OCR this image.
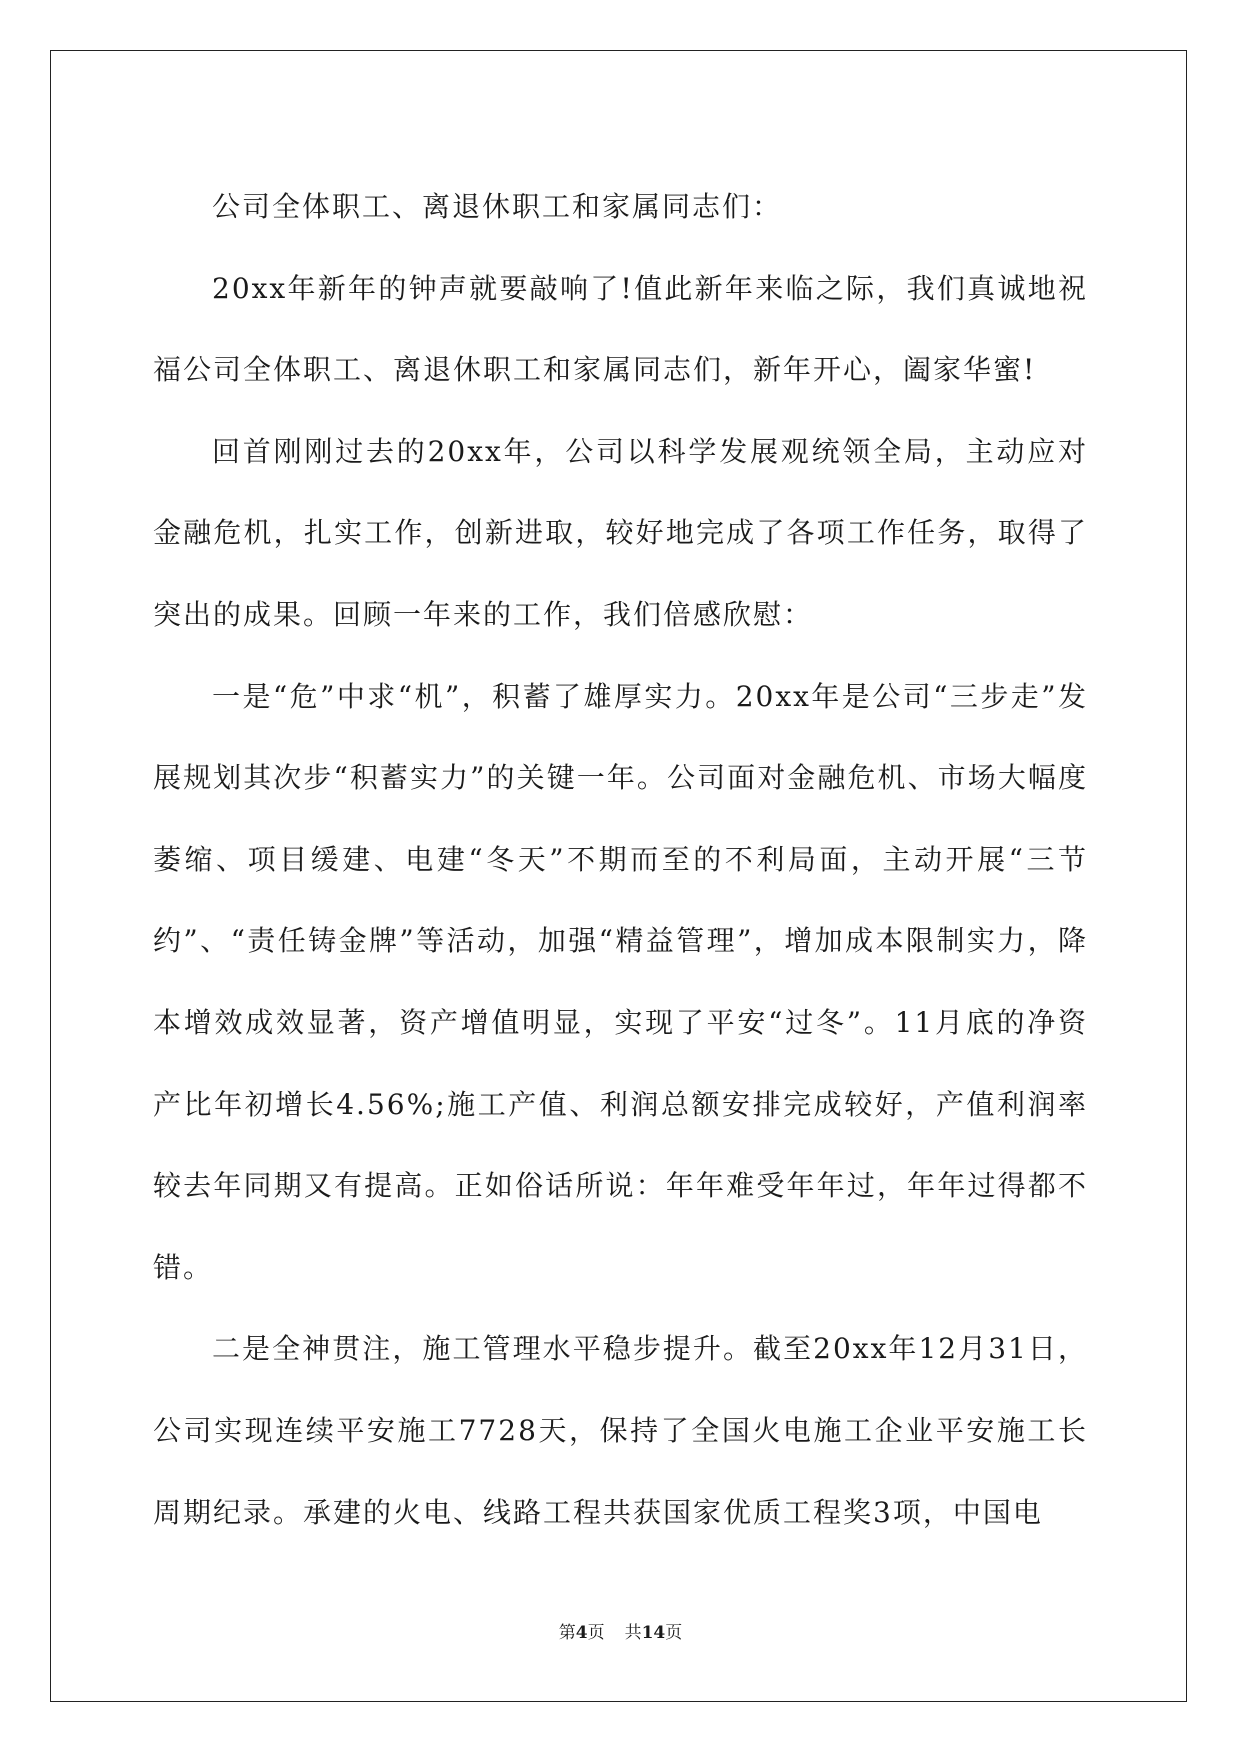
公司全体职工、离退休职工和家属同志们：

20xx年新年的钟声就要敲响了!值此新年来临之际，我们真诚地祝福公司全体职工、离退休职工和家属同志们，新年开心，阖家华蜜!

回首刚刚过去的20xx年，公司以科学发展观统领全局，主动应对金融危机，扎实工作，创新进取，较好地完成了各项工作任务，取得了突出的成果。回顾一年来的工作，我们倍感欣慰：

一是“危”中求“机”，积蓄了雄厚实力。20xx年是公司“三步走”发展规划其次步“积蓄实力”的关键一年。公司面对金融危机、市场大幅度萎缩、项目缓建、电建“冬天”不期而至的不利局面，主动开展“三节约”、“责任铸金牌”等活动，加强“精益管理”，增加成本限制实力，降本增效成效显著，资产增值明显，实现了平安“过冬”。11月底的净资产比年初增长4.56%;施工产值、利润总额安排完成较好，产值利润率较去年同期又有提高。正如俗话所说：年年难受年年过，年年过得都不错。

二是全神贯注，施工管理水平稳步提升。截至20xx年12月31日，公司实现连续平安施工7728天，保持了全国火电施工企业平安施工长周期纪录。承建的火电、线路工程共获国家优质工程奖3项，中国电

第4页 共14页
